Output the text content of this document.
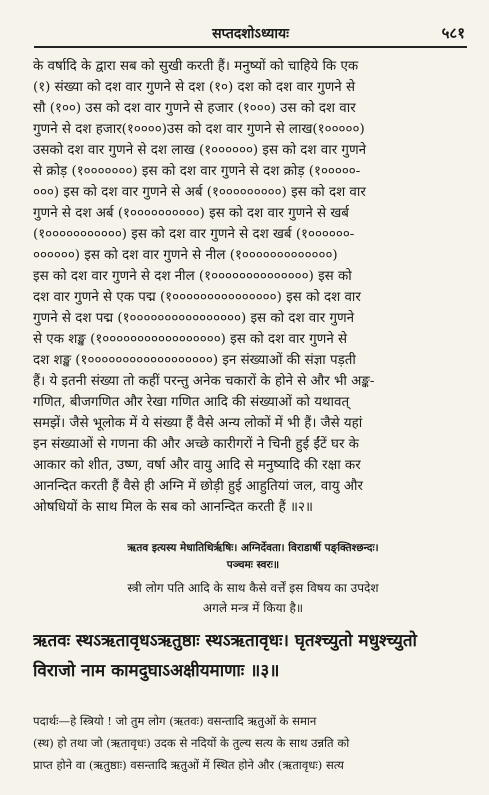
सप्तदशोऽध्यायः	५८१
के वर्षादि के द्वारा सब को सुखी करती हैं। मनुष्यों को चाहिये कि एक
(१) संख्या को दश वार गुणने से दश (१०) दश को दश वार गुणने से
सौ (१००) उस को दश वार गुणने से हजार (१०००) उस को दश वार
गुणने से दश हजार(१००००)उस को दश वार गुणने से लाख(१०००००)
उसको दश वार गुणने से दश लाख (१००००००) इस को दश वार गुणने
से क्रोड़ (१०००००००) इस को दश वार गुणने से दश क्रोड़ (१०००००-
०००) इस को दश वार गुणने से अर्ब (१०००००००००) इस को दश वार
गुणने से दश अर्ब (१००००००००००) इस को दश वार गुणने से खर्ब
(१०००००००००००) इस को दश वार गुणने से दश खर्ब (१००००००-
००००००) इस को दश वार गुणने से नील (१०००००००००००००)
इस को दश वार गुणने से दश नील (१००००००००००००००) इस को
दश वार गुणने से एक पद्म (१०००००००००००००००) इस को दश वार
गुणने से दश पद्म (१००००००००००००००००) इस को दश वार गुणने
से एक शङ्ख (१०००००००००००००००००) इस को दश वार गुणने से
दश शङ्ख (१००००००००००००००००००) इन संख्याओं की संज्ञा पड़ती
हैं। ये इतनी संख्या तो कहीं परन्तु अनेक चकारों के होने से और भी अङ्क-
गणित, बीजगणित और रेखा गणित आदि की संख्याओं को यथावत्
समझें। जैसे भूलोक में ये संख्या हैं वैसे अन्य लोकों में भी हैं। जैसे यहां
इन संख्याओं से गणना की और अच्छे कारीगरों ने चिनी हुई ईंटें घर के
आकार को शीत, उष्ण, वर्षा और वायु आदि से मनुष्यादि की रक्षा कर
आनन्दित करती हैं वैसे ही अग्नि में छोड़ी हुई आहुतियां जल, वायु और
ओषधियों के साथ मिल के सब को आनन्दित करती हैं ॥२॥
ऋतव इत्यस्य मेधातिथिर्ऋषिः। अग्निर्देवता। विराडार्षी पङ्क्तिश्छन्दः।
पञ्चमः स्वरः॥
स्त्री लोग पति आदि के साथ कैसे वर्त्तें इस विषय का उपदेश
अगले मन्त्र में किया है॥
ऋतवः स्थऽऋतावृधऽऋतुष्ठाः स्थऽऋतावृधः। घृतश्च्युतो मधुश्च्युतो
विराजो नाम कामदुघाऽअक्षीयमाणाः ॥३॥
पदार्थः—हे स्त्रियो ! जो तुम लोग (ऋतवः) वसन्तादि ऋतुओं के समान
(स्थ) हो तथा जो (ऋतावृधः) उदक से नदियों के तुल्य सत्य के साथ उन्नति को
प्राप्त होने वा (ऋतुष्ठाः) वसन्तादि ऋतुओं में स्थित होने और (ऋतावृधः) सत्य
